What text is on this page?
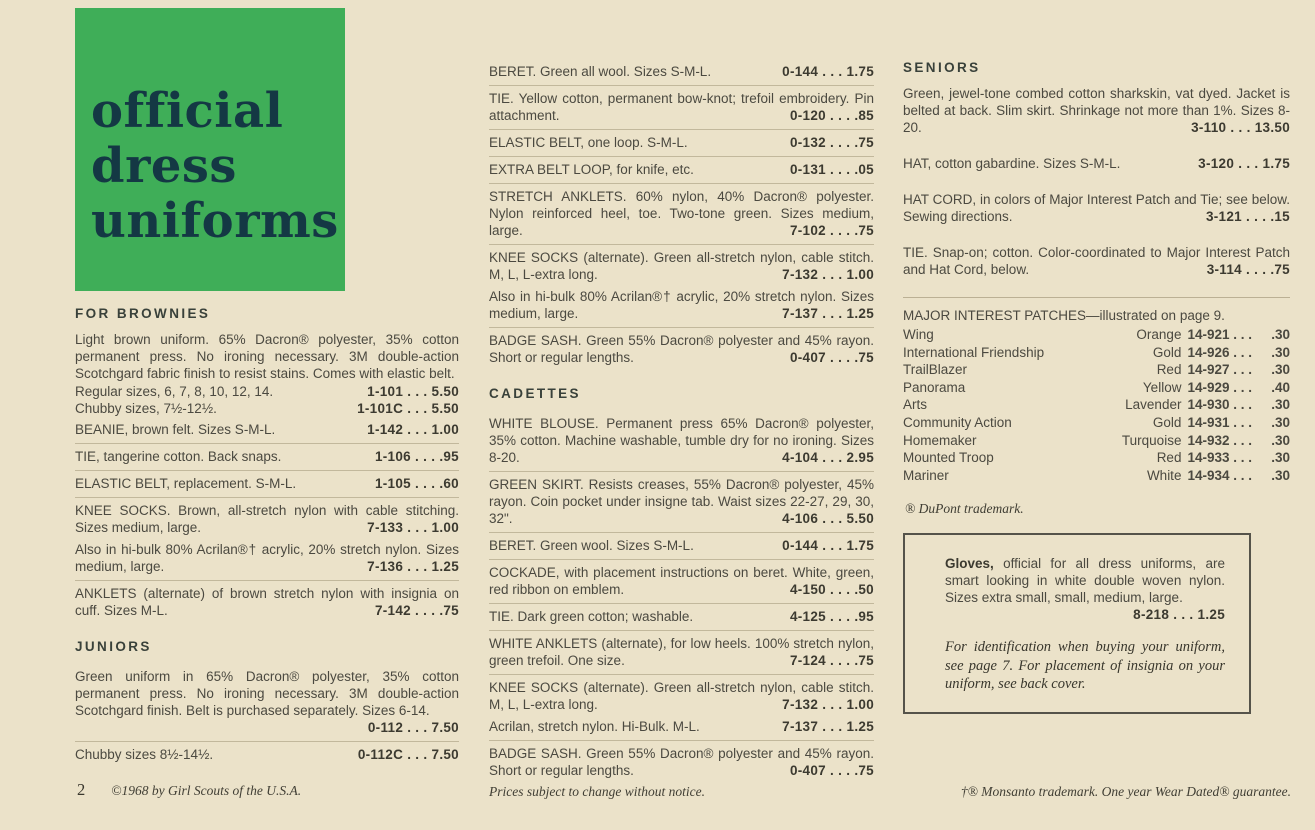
official
dress
uniforms
FOR BROWNIES

Light brown uniform. 65% Dacron® polyester, 35% cotton permanent press. No ironing necessary. 3M double-action Scotchgard fabric finish to resist stains. Comes with elastic belt.

Regular sizes, 6, 7, 8, 10, 12, 14.	1-101 . . . 5.50
Chubby sizes, 7½-12½.	1-101C . . . 5.50
BEANIE, brown felt. Sizes S-M-L.	1-142 . . . 1.00
TIE, tangerine cotton. Back snaps.	1-106 . . . .95
ELASTIC BELT, replacement. S-M-L.	1-105 . . . .60
KNEE SOCKS. Brown, all-stretch nylon with cable stitching. Sizes medium, large.	7-133 . . . 1.00
Also in hi-bulk 80% Acrilan®† acrylic, 20% stretch nylon. Sizes medium, large.	7-136 . . . 1.25
ANKLETS (alternate) of brown stretch nylon with insignia on cuff. Sizes M-L.	7-142 . . . .75
JUNIORS
Green uniform in 65% Dacron® polyester, 35% cotton permanent press. No ironing necessary. 3M double-action Scotchgard finish. Belt is purchased separately. Sizes 6-14.
0-112 . . . 7.50
Chubby sizes 8½-14½.	0-112C . . . 7.50
BERET. Green all wool. Sizes S-M-L.	0-144 . . . 1.75
TIE. Yellow cotton, permanent bow-knot; trefoil embroidery. Pin attachment.	0-120 . . . .85
ELASTIC BELT, one loop. S-M-L.	0-132 . . . .75
EXTRA BELT LOOP, for knife, etc.	0-131 . . . .05
STRETCH ANKLETS. 60% nylon, 40% Dacron® polyester. Nylon reinforced heel, toe. Two-tone green. Sizes medium, large.	7-102 . . . .75
KNEE SOCKS (alternate). Green all-stretch nylon, cable stitch. M, L, L-extra long.	7-132 . . . 1.00
Also in hi-bulk 80% Acrilan®† acrylic, 20% stretch nylon. Sizes medium, large.	7-137 . . . 1.25
BADGE SASH. Green 55% Dacron® polyester and 45% rayon. Short or regular lengths.	0-407 . . . .75
CADETTES
WHITE BLOUSE. Permanent press 65% Dacron® polyester, 35% cotton. Machine washable, tumble dry for no ironing. Sizes 8-20.	4-104 . . . 2.95
GREEN SKIRT. Resists creases, 55% Dacron® polyester, 45% rayon. Coin pocket under insigne tab. Waist sizes 22-27, 29, 30, 32".	4-106 . . . 5.50
BERET. Green wool. Sizes S-M-L.	0-144 . . . 1.75
COCKADE, with placement instructions on beret. White, green, red ribbon on emblem.	4-150 . . . .50
TIE. Dark green cotton; washable.	4-125 . . . .95
WHITE ANKLETS (alternate), for low heels. 100% stretch nylon, green trefoil. One size.	7-124 . . . .75
KNEE SOCKS (alternate). Green all-stretch nylon, cable stitch. M, L, L-extra long.	7-132 . . . 1.00
Acrilan, stretch nylon. Hi-Bulk. M-L.	7-137 . . . 1.25
BADGE SASH. Green 55% Dacron® polyester and 45% rayon. Short or regular lengths.	0-407 . . . .75
SENIORS
Green, jewel-tone combed cotton sharkskin, vat dyed. Jacket is belted at back. Slim skirt. Shrinkage not more than 1%. Sizes 8-20.	3-110 . . . 13.50
HAT, cotton gabardine. Sizes S-M-L.	3-120 . . . 1.75
HAT CORD, in colors of Major Interest Patch and Tie; see below. Sewing directions.	3-121 . . . .15
TIE. Snap-on; cotton. Color-coordinated to Major Interest Patch and Hat Cord, below.	3-114 . . . .75

MAJOR INTEREST PATCHES—illustrated on page 9.

Wing	Orange 14-921 . . .	.30
International Friendship	Gold 14-926 . . .	.30
TrailBlazer	Red 14-927 . . .	.30
Panorama	Yellow 14-929 . . .	.40
Arts	Lavender 14-930 . . .	.30
Community Action	Gold 14-931 . . .	.30
Homemaker	Turquoise 14-932 . . .	.30
Mounted Troop	Red 14-933 . . .	.30
Mariner	White 14-934 . . .	.30

® DuPont trademark.

Gloves, official for all dress uniforms, are smart looking in white double woven nylon. Sizes extra small, small, medium, large.
8-218 . . . 1.25

For identification when buying your uniform, see page 7. For placement of insignia on your uniform, see back cover.

2 ©1968 by Girl Scouts of the U.S.A.	Prices subject to change without notice.	†® Monsanto trademark. One year Wear Dated® guarantee.
